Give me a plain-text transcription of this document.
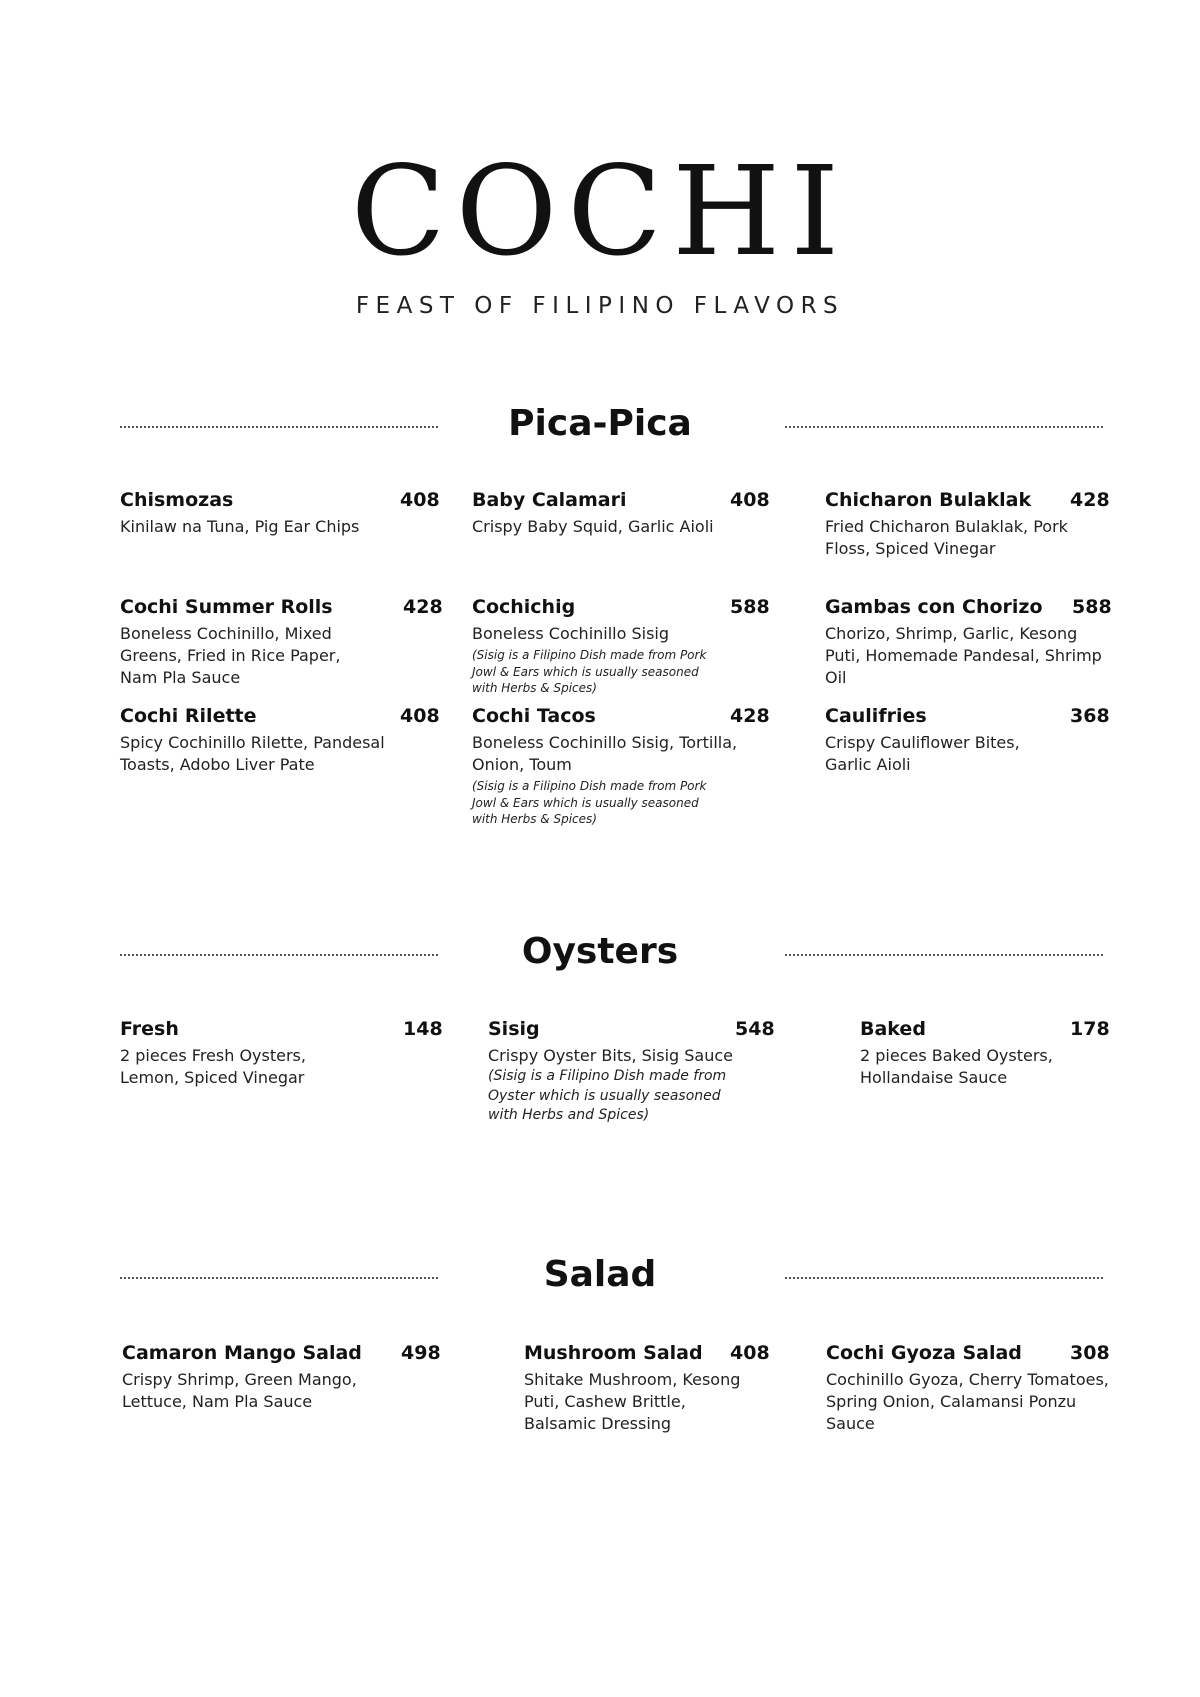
COCHI
FEAST OF FILIPINO FLAVORS
Pica-Pica
Chismozas	408
Kinilaw na Tuna, Pig Ear Chips
Baby Calamari	408
Crispy Baby Squid, Garlic Aioli
Chicharon Bulaklak 428
Fried Chicharon Bulaklak, Pork Floss, Spiced Vinegar
Cochi Summer Rolls	428
Boneless Cochinillo, Mixed Greens, Fried in Rice Paper, Nam Pla Sauce
Cochichig	588
Boneless Cochinillo Sisig
(Sisig is a Filipino Dish made from Pork Jowl & Ears which is usually seasoned with Herbs & Spices)
Gambas con Chorizo 588
Chorizo, Shrimp, Garlic, Kesong Puti, Homemade Pandesal, Shrimp Oil
Cochi Rilette	408
Spicy Cochinillo Rilette, Pandesal Toasts, Adobo Liver Pate
Cochi Tacos	428
Boneless Cochinillo Sisig, Tortilla, Onion, Toum
(Sisig is a Filipino Dish made from Pork Jowl & Ears which is usually seasoned with Herbs & Spices)
Caulifries	368
Crispy Cauliflower Bites, Garlic Aioli
Oysters
Fresh	148
2 pieces Fresh Oysters, Lemon, Spiced Vinegar
Sisig	548
Crispy Oyster Bits, Sisig Sauce
(Sisig is a Filipino Dish made from Oyster which is usually seasoned with Herbs and Spices)
Baked	178
2 pieces Baked Oysters, Hollandaise Sauce
Salad
Camaron Mango Salad 498
Crispy Shrimp, Green Mango, Lettuce, Nam Pla Sauce
Mushroom Salad 408
Shitake Mushroom, Kesong Puti, Cashew Brittle, Balsamic Dressing
Cochi Gyoza Salad	308
Cochinillo Gyoza, Cherry Tomatoes, Spring Onion, Calamansi Ponzu Sauce
